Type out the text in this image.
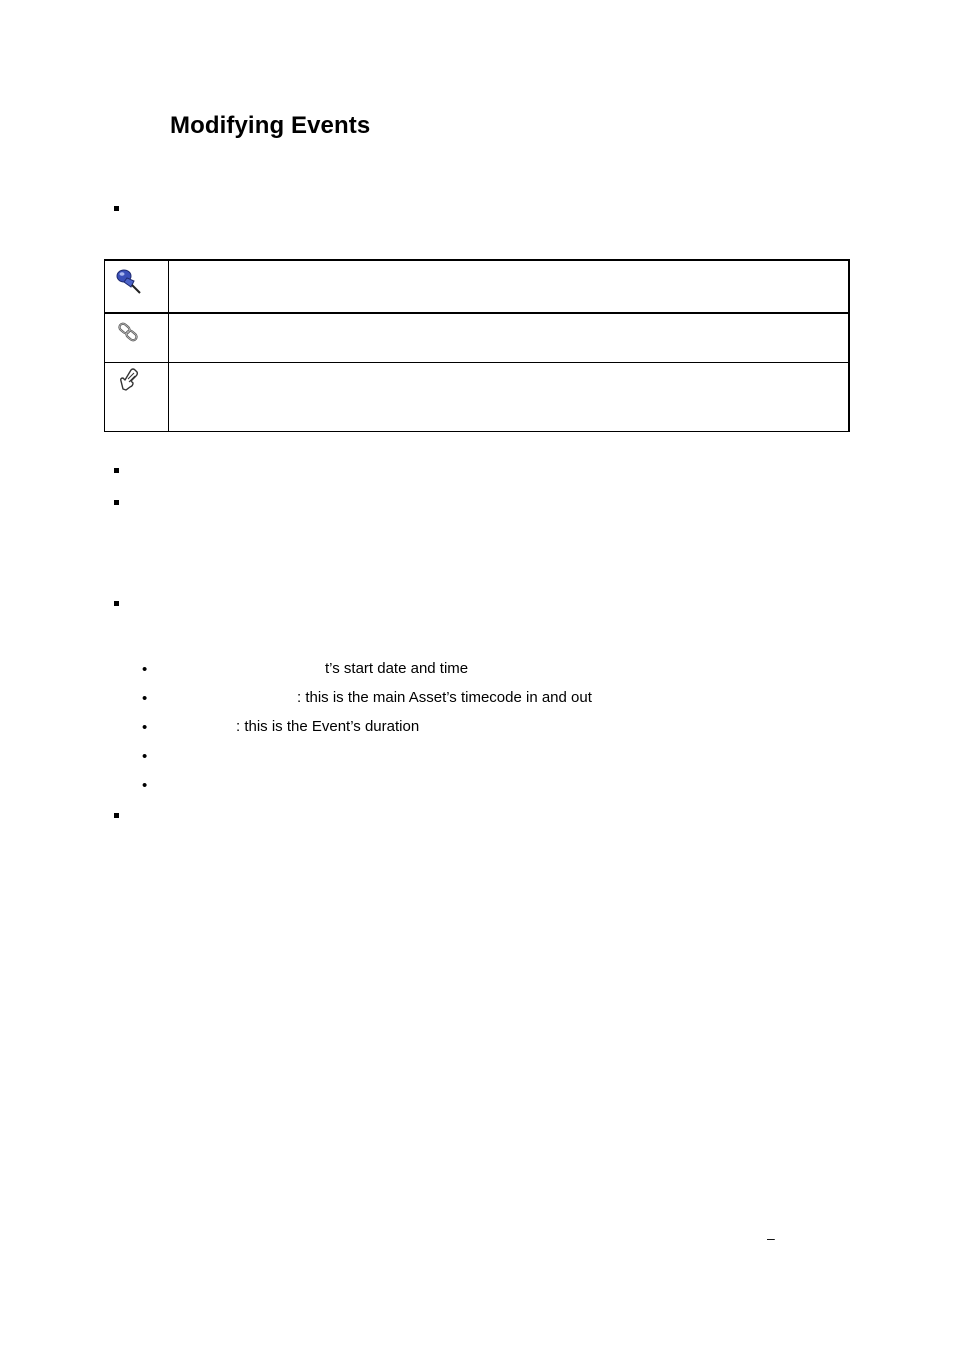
Modifying Events

•	t’s start date and time
•	: this is the main Asset’s timecode in and out
•	: this is the Event’s duration
•
•
–
